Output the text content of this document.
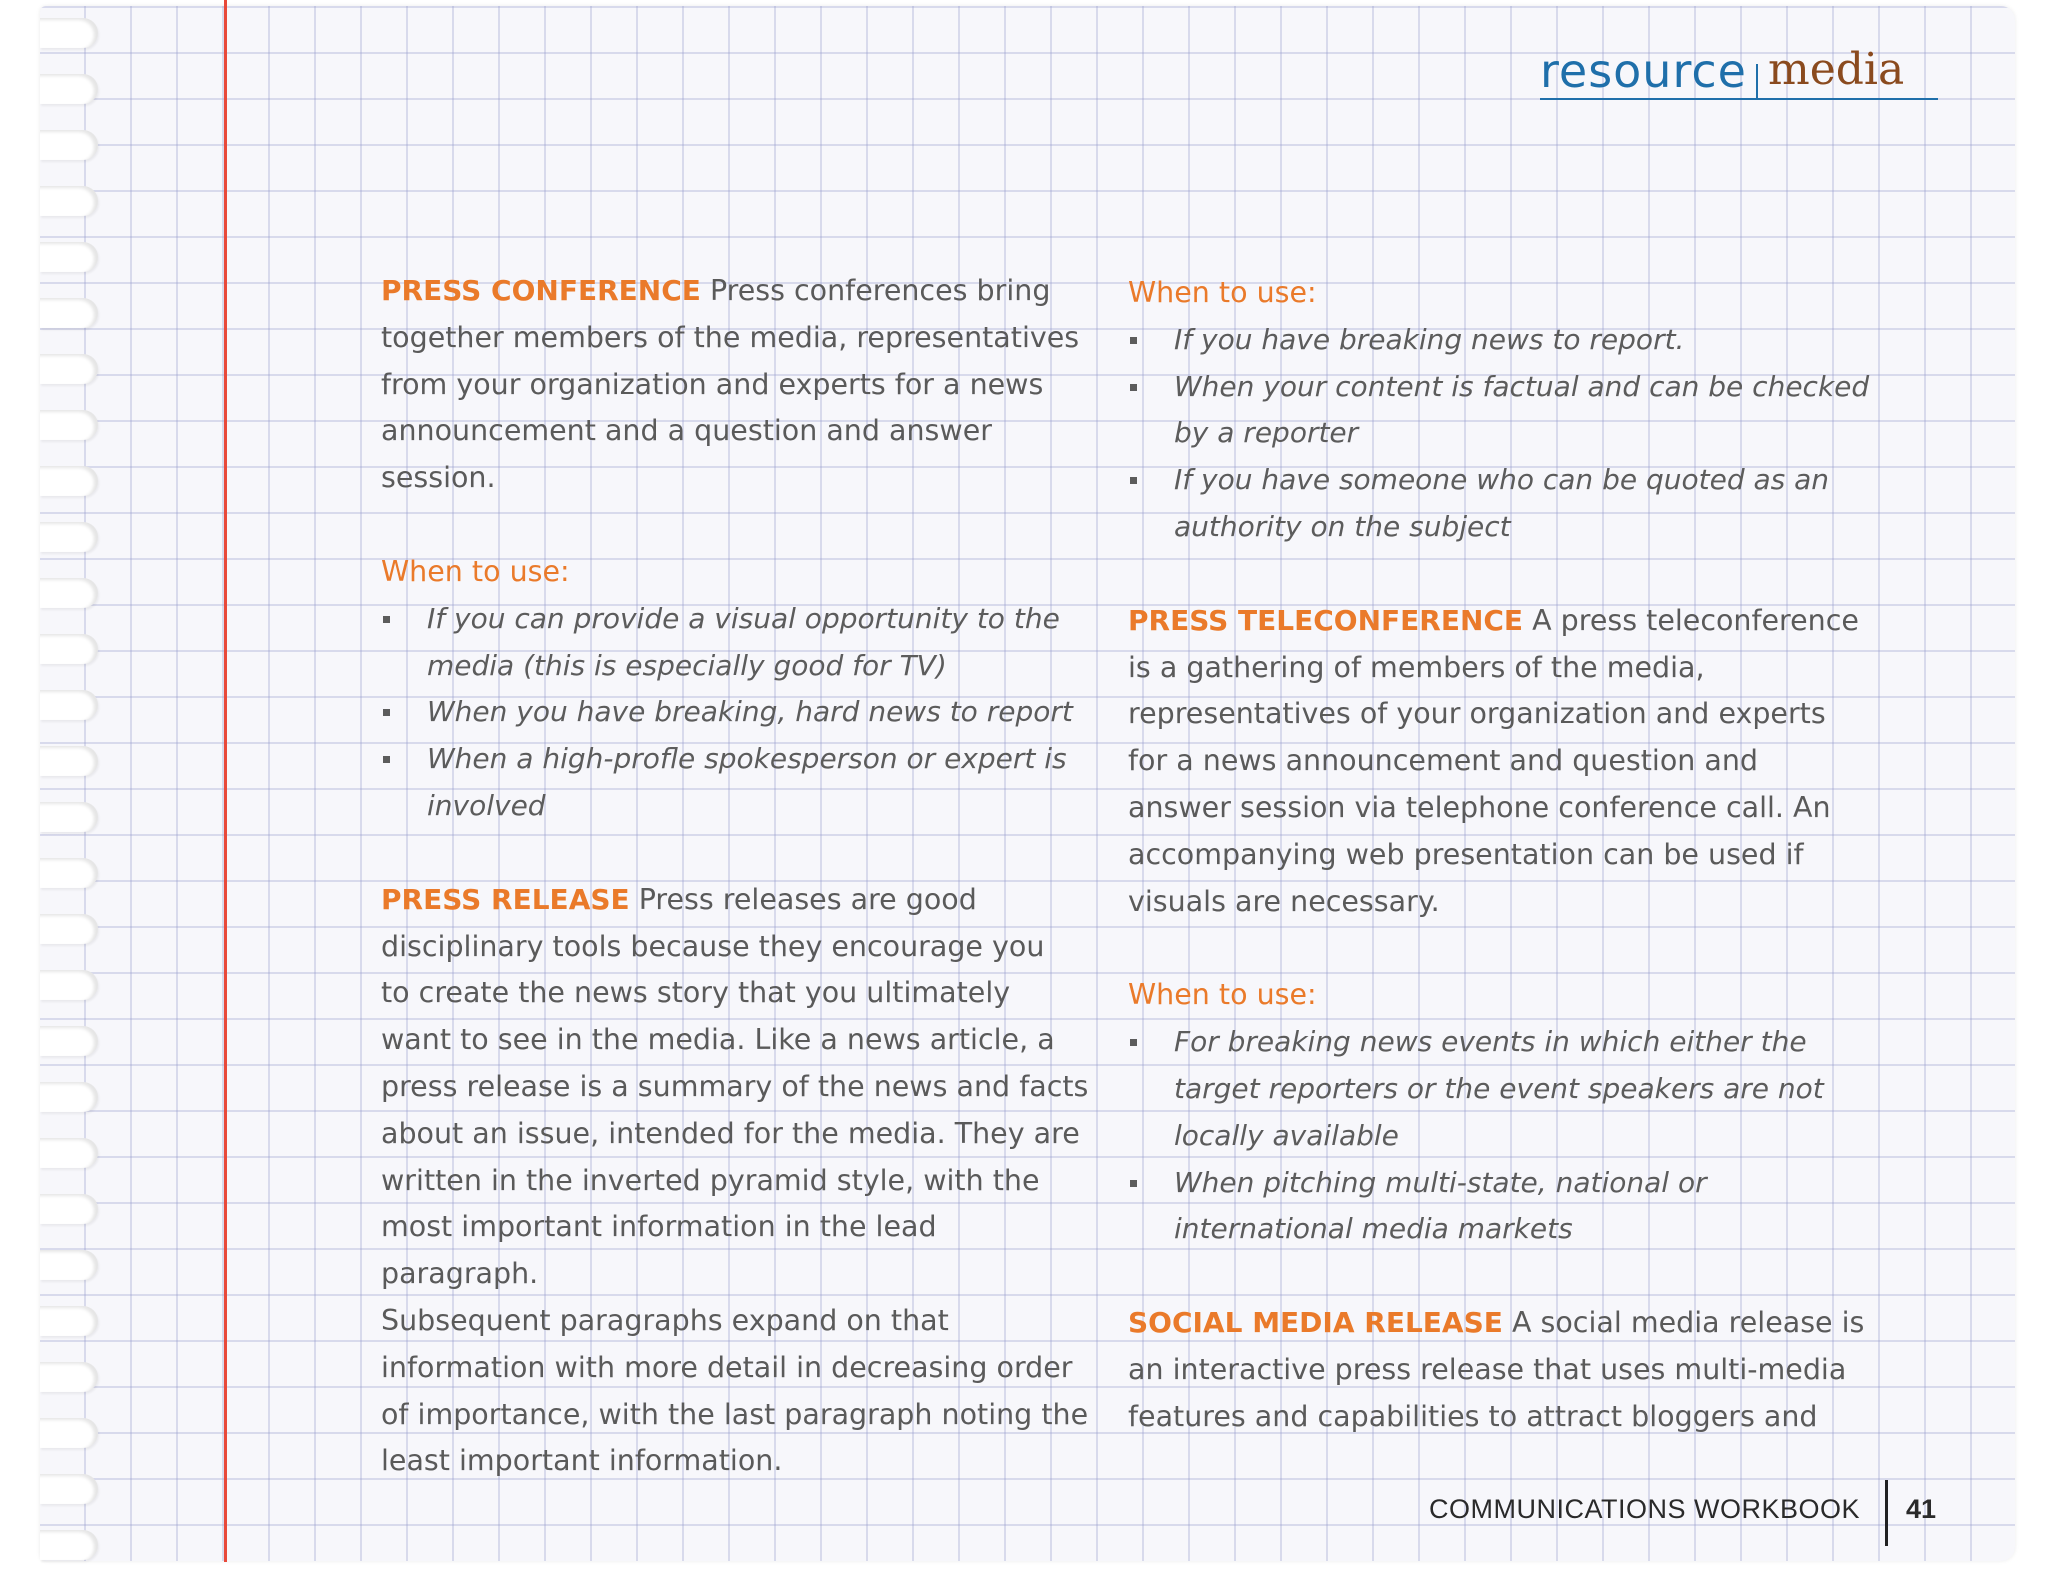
resource media

PRESS CONFERENCE Press conferences bring
together members of the media, representatives
from your organization and experts for a news
announcement and a question and answer
session.

When to use:

If you can provide a visual opportunity to the
media (this is especially good for TV)
When you have breaking, hard news to report
When a high-profle spokesperson or expert is
involved

PRESS RELEASE Press releases are good
disciplinary tools because they encourage you
to create the news story that you ultimately
want to see in the media. Like a news article, a
press release is a summary of the news and facts
about an issue, intended for the media. They are
written in the inverted pyramid style, with the
most important information in the lead paragraph.
Subsequent paragraphs expand on that
information with more detail in decreasing order
of importance, with the last paragraph noting the
least important information.

When to use:

If you have breaking news to report.
When your content is factual and can be checked
by a reporter
If you have someone who can be quoted as an
authority on the subject

PRESS TELECONFERENCE A press teleconference
is a gathering of members of the media,
representatives of your organization and experts
for a news announcement and question and
answer session via telephone conference call. An
accompanying web presentation can be used if
visuals are necessary.

When to use:

For breaking news events in which either the
target reporters or the event speakers are not
locally available
When pitching multi-state, national or
international media markets

SOCIAL MEDIA RELEASE A social media release is
an interactive press release that uses multi-media
features and capabilities to attract bloggers and

COMMUNICATIONS WORKBOOK 41
